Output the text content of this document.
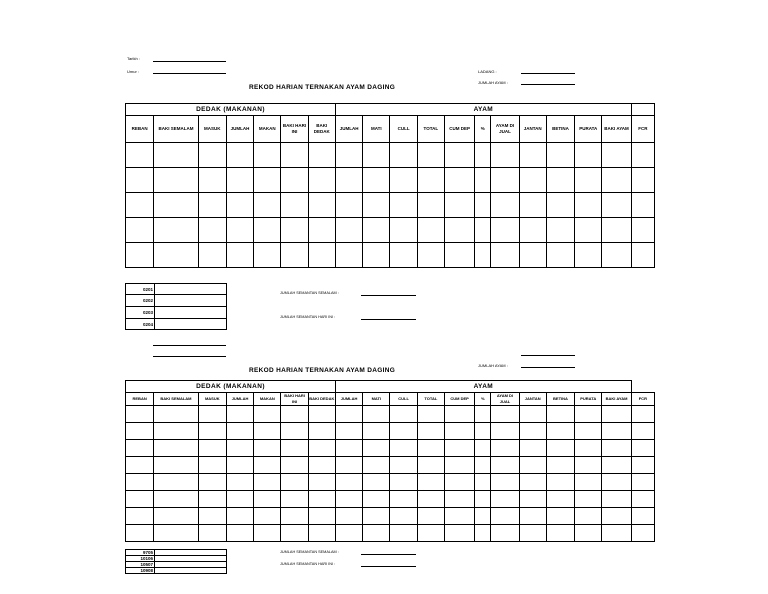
Tarikh :
Umur :	LADANG :
JUMLAH AYAM :
REKOD HARIAN TERNAKAN AYAM DAGING
DEDAK (MAKANAN)							AYAM											
REBAN	BAKI SEMALAM	MASUK	JUMLAH	MAKAN	BAKI HARI INI	BAKI DEDAK	JUMLAH	MATI	CULL	TOTAL	CUM DEP	%	AYAM DI JUAL	JANTAN	BETINA	PURATA	BAKI AYAM	FCR

0201	
0202	
0203	
0204	
JUMLAH SEMANTAN SEMALAM :
JUMLAH SEMANTAN HARI INI :
JUMLAH AYAM :
REKOD HARIAN TERNAKAN AYAM DAGING
DEDAK (MAKANAN)							AYAM											
REBAN	BAKI SEMALAM	MASUK	JUMLAH	MAKAN	BAKI HARI INI	BAKI DEDAK	JUMLAH	MATI	CULL	TOTAL	CUM DEP	%	AYAM DI JUAL	JANTAN	BETINA	PURATA	BAKI AYAM	FCR

9705	
10106	
10507	
10908	
JUMLAH SEMANTAN SEMALAM :
JUMLAH SEMANTAN HARI INI :
